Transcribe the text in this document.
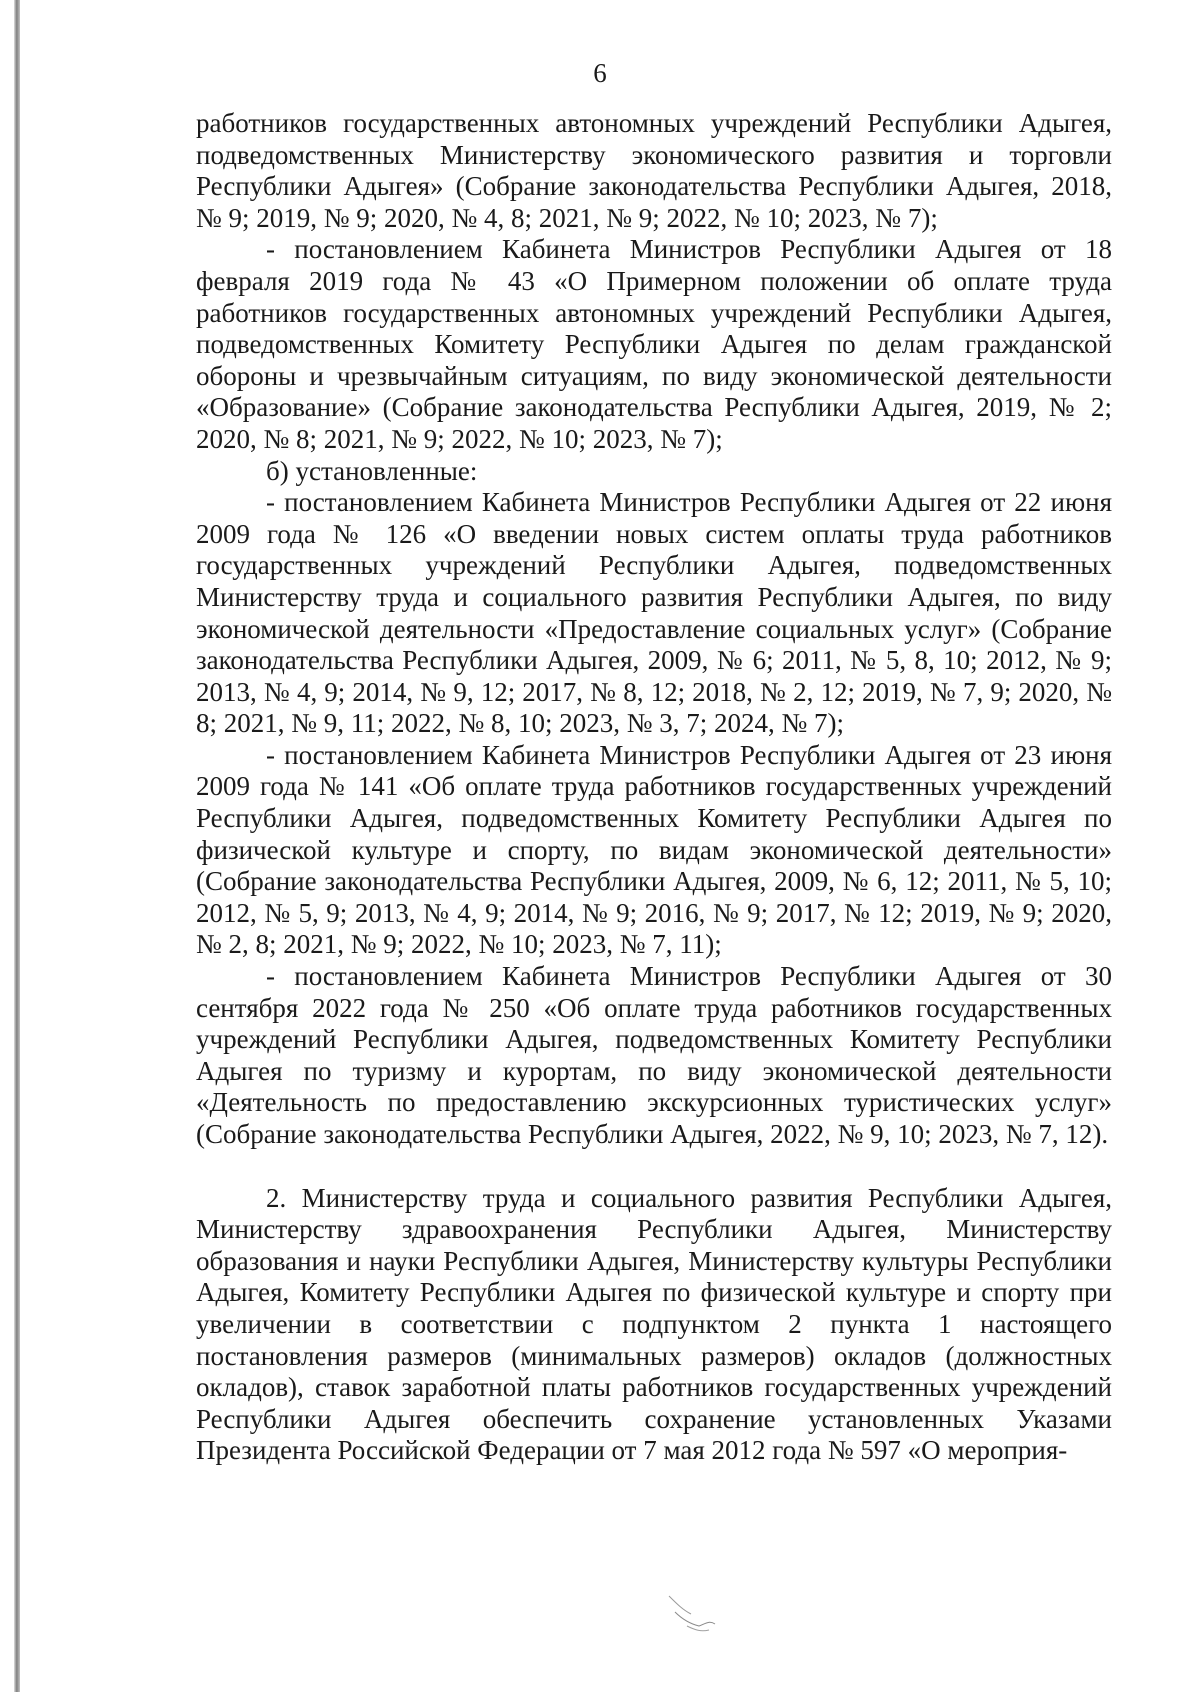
6

работников государственных автономных учреждений Республики Адыгея, подведомственных Министерству экономического развития и торговли Республики Адыгея» (Собрание законодательства Республики Адыгея, 2018, № 9; 2019, № 9; 2020, № 4, 8; 2021, № 9; 2022, № 10; 2023, № 7);

- постановлением Кабинета Министров Республики Адыгея от 18 февраля 2019 года № 43 «О Примерном положении об оплате труда работников государственных автономных учреждений Республики Адыгея, подведомственных Комитету Республики Адыгея по делам гражданской обороны и чрезвычайным ситуациям, по виду экономической деятельности «Образование» (Собрание законодательства Республики Адыгея, 2019, № 2; 2020, № 8; 2021, № 9; 2022, № 10; 2023, № 7);

б) установленные:

- постановлением Кабинета Министров Республики Адыгея от 22 июня 2009 года № 126 «О введении новых систем оплаты труда работников государственных учреждений Республики Адыгея, подведомственных Министерству труда и социального развития Республики Адыгея, по виду экономической деятельности «Предоставление социальных услуг» (Собрание законодательства Республики Адыгея, 2009, № 6; 2011, № 5, 8, 10; 2012, № 9; 2013, № 4, 9; 2014, № 9, 12; 2017, № 8, 12; 2018, № 2, 12; 2019, № 7, 9; 2020, № 8; 2021, № 9, 11; 2022, № 8, 10; 2023, № 3, 7; 2024, № 7);

- постановлением Кабинета Министров Республики Адыгея от 23 июня 2009 года № 141 «Об оплате труда работников государственных учреждений Республики Адыгея, подведомственных Комитету Республики Адыгея по физической культуре и спорту, по видам экономической деятельности» (Собрание законодательства Республики Адыгея, 2009, № 6, 12; 2011, № 5, 10; 2012, № 5, 9; 2013, № 4, 9; 2014, № 9; 2016, № 9; 2017, № 12; 2019, № 9; 2020, № 2, 8; 2021, № 9; 2022, № 10; 2023, № 7, 11);

- постановлением Кабинета Министров Республики Адыгея от 30 сентября 2022 года № 250 «Об оплате труда работников государственных учреждений Республики Адыгея, подведомственных Комитету Республики Адыгея по туризму и курортам, по виду экономической деятельности «Деятельность по предоставлению экскурсионных туристических услуг» (Собрание законодательства Республики Адыгея, 2022, № 9, 10; 2023, № 7, 12).

2. Министерству труда и социального развития Республики Адыгея, Министерству здравоохранения Республики Адыгея, Министерству образования и науки Республики Адыгея, Министерству культуры Республики Адыгея, Комитету Республики Адыгея по физической культуре и спорту при увеличении в соответствии с подпунктом 2 пункта 1 настоящего постановления размеров (минимальных размеров) окладов (должностных окладов), ставок заработной платы работников государственных учреждений Республики Адыгея обеспечить сохранение установленных Указами Президента Российской Федерации от 7 мая 2012 года № 597 «О мероприя-
